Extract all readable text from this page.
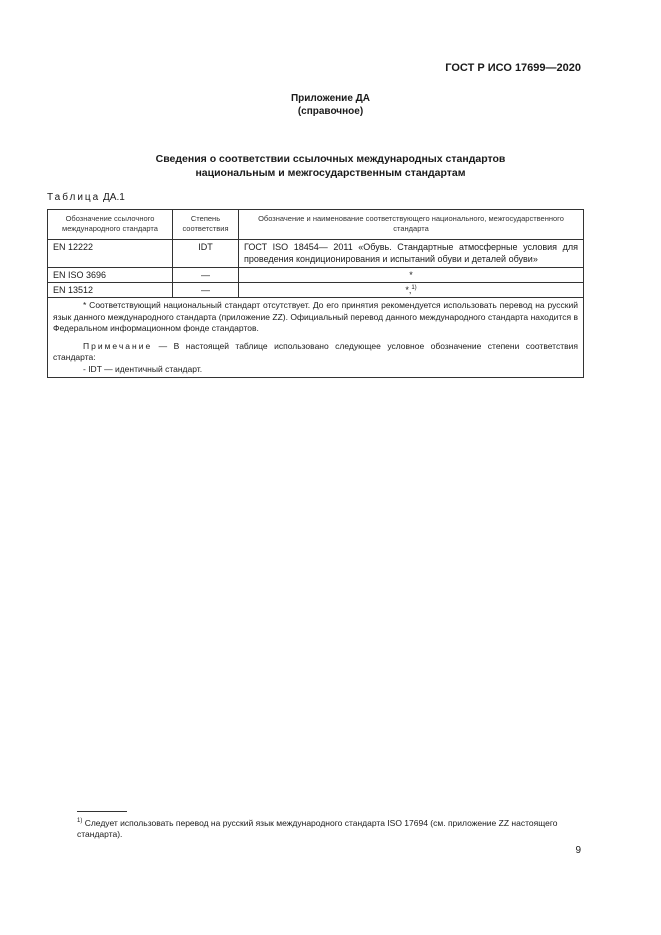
ГОСТ Р ИСО 17699—2020
Приложение ДА
(справочное)
Сведения о соответствии ссылочных международных стандартов
национальным и межгосударственным стандартам
Таблица ДА.1
Обозначение ссылочного международного стандарта	Степень соответствия	Обозначение и наименование соответствующего национального, межгосударственного стандарта
EN 12222	IDT	ГОСТ ISO 18454— 2011 «Обувь. Стандартные атмосферные условия для проведения кондиционирования и испытаний обуви и деталей обуви»
EN ISO 3696	—	*
EN 13512	—	*,$^{1)}$

* Соответствующий национальный стандарт отсутствует. До его принятия рекомендуется использовать перевод на русский язык данного международного стандарта (приложение ZZ). Официальный перевод данного международного стандарта находится в Федеральном информационном фонде стандартов.

Примечание — В настоящей таблице использовано следующее условное обозначение степени соответствия стандарта:

- IDT — идентичный стандарт.		

$^{1)}$ Следует использовать перевод на русский язык международного стандарта ISO 17694 (см. приложение ZZ настоящего стандарта).
9
